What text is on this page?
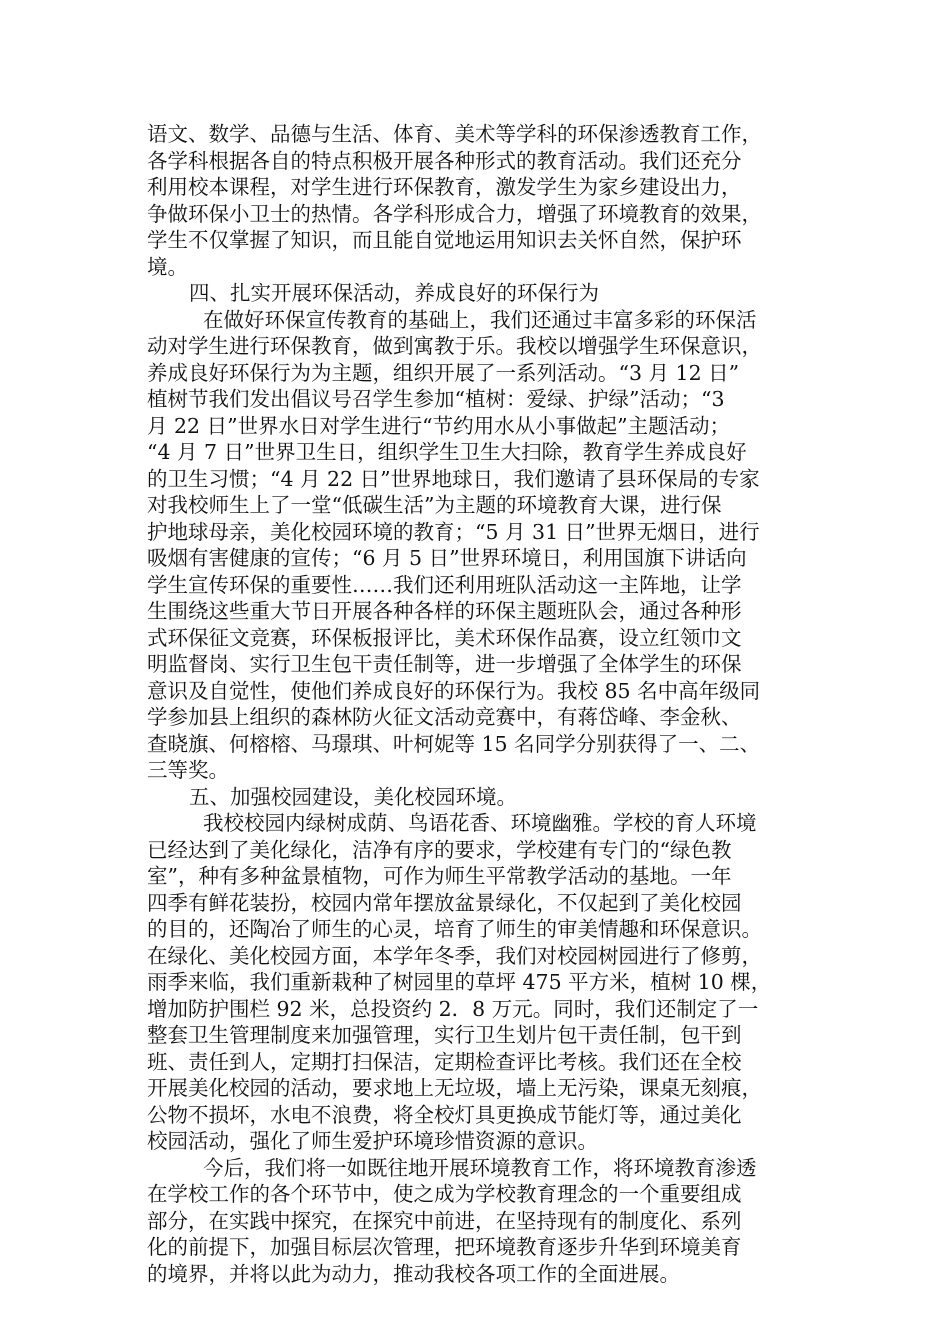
语文、数学、品德与生活、体育、美术等学科的环保渗透教育工作，
各学科根据各自的特点积极开展各种形式的教育活动。我们还充分
利用校本课程，对学生进行环保教育，激发学生为家乡建设出力，
争做环保小卫士的热情。各学科形成合力，增强了环境教育的效果，
学生不仅掌握了知识，而且能自觉地运用知识去关怀自然，保护环
境。
四、扎实开展环保活动，养成良好的环保行为
在做好环保宣传教育的基础上，我们还通过丰富多彩的环保活
动对学生进行环保教育，做到寓教于乐。我校以增强学生环保意识，
养成良好环保行为为主题，组织开展了一系列活动。“3 月 12 日”
植树节我们发出倡议号召学生参加“植树：爱绿、护绿”活动；“3
月 22 日”世界水日对学生进行“节约用水从小事做起”主题活动；
“4 月 7 日”世界卫生日，组织学生卫生大扫除，教育学生养成良好
的卫生习惯；“4 月 22 日”世界地球日，我们邀请了县环保局的专家
对我校师生上了一堂“低碳生活”为主题的环境教育大课，进行保
护地球母亲，美化校园环境的教育；“5 月 31 日”世界无烟日，进行
吸烟有害健康的宣传；“6 月 5 日”世界环境日，利用国旗下讲话向
学生宣传环保的重要性……我们还利用班队活动这一主阵地，让学
生围绕这些重大节日开展各种各样的环保主题班队会，通过各种形
式环保征文竞赛，环保板报评比，美术环保作品赛，设立红领巾文
明监督岗、实行卫生包干责任制等，进一步增强了全体学生的环保
意识及自觉性，使他们养成良好的环保行为。我校 85 名中高年级同
学参加县上组织的森林防火征文活动竞赛中，有蒋岱峰、李金秋、
查晓旗、何榕榕、马璟琪、叶柯妮等 15 名同学分别获得了一、二、
三等奖。
五、加强校园建设，美化校园环境。
我校校园内绿树成荫、鸟语花香、环境幽雅。学校的育人环境
已经达到了美化绿化，洁净有序的要求，学校建有专门的“绿色教
室”，种有多种盆景植物，可作为师生平常教学活动的基地。一年
四季有鲜花装扮，校园内常年摆放盆景绿化，不仅起到了美化校园
的目的，还陶冶了师生的心灵，培育了师生的审美情趣和环保意识。
在绿化、美化校园方面，本学年冬季，我们对校园树园进行了修剪，
雨季来临，我们重新栽种了树园里的草坪 475 平方米，植树 10 棵，
增加防护围栏 92 米，总投资约 2．8 万元。同时，我们还制定了一
整套卫生管理制度来加强管理，实行卫生划片包干责任制，包干到
班、责任到人，定期打扫保洁，定期检查评比考核。我们还在全校
开展美化校园的活动，要求地上无垃圾，墙上无污染，课桌无刻痕，
公物不损坏，水电不浪费，将全校灯具更换成节能灯等，通过美化
校园活动，强化了师生爱护环境珍惜资源的意识。
今后，我们将一如既往地开展环境教育工作，将环境教育渗透
在学校工作的各个环节中，使之成为学校教育理念的一个重要组成
部分，在实践中探究，在探究中前进，在坚持现有的制度化、系列
化的前提下，加强目标层次管理，把环境教育逐步升华到环境美育
的境界，并将以此为动力，推动我校各项工作的全面进展。
